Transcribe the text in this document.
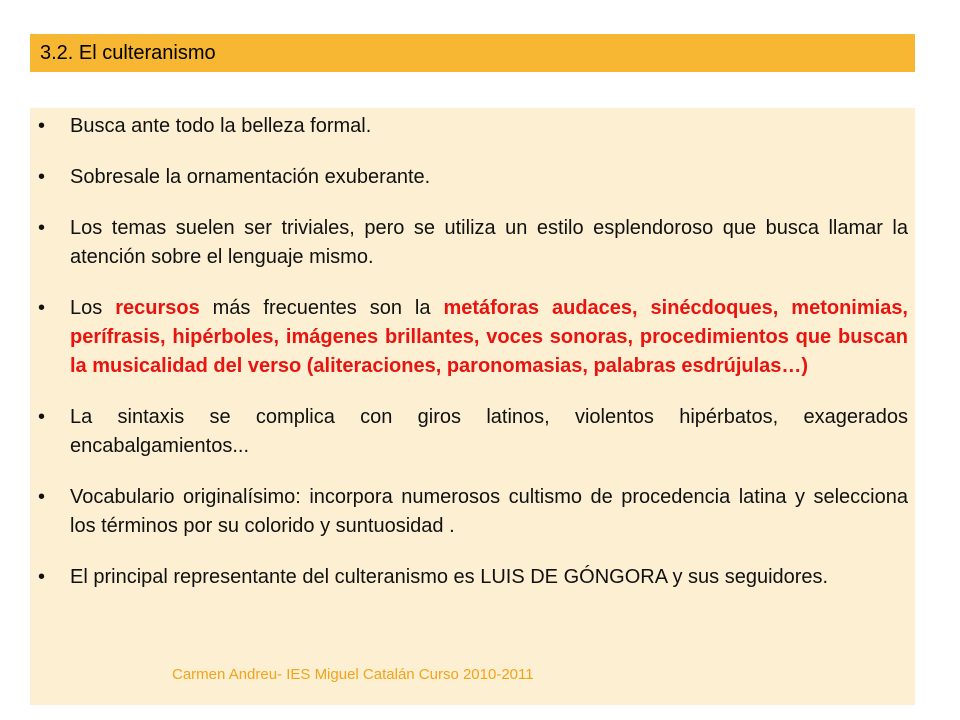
3.2. El culteranismo
• Busca ante todo la belleza formal.
• Sobresale la ornamentación exuberante.
• Los temas suelen ser triviales, pero se utiliza un estilo esplendoroso que busca llamar la atención sobre el lenguaje mismo.
• Los recursos más frecuentes son la metáforas audaces, sinécdoques, metonimias, perífrasis, hipérboles, imágenes brillantes, voces sonoras, procedimientos que buscan la musicalidad del verso (aliteraciones, paronomasias, palabras esdrújulas…)
• La sintaxis se complica con giros latinos, violentos hipérbatos, exagerados encabalgamientos...
• Vocabulario originalísimo: incorpora numerosos cultismo de procedencia latina y selecciona los términos por su colorido y suntuosidad .
• El principal representante del culteranismo es LUIS DE GÓNGORA y sus seguidores.
Carmen Andreu- IES Miguel Catalán Curso 2010-2011
